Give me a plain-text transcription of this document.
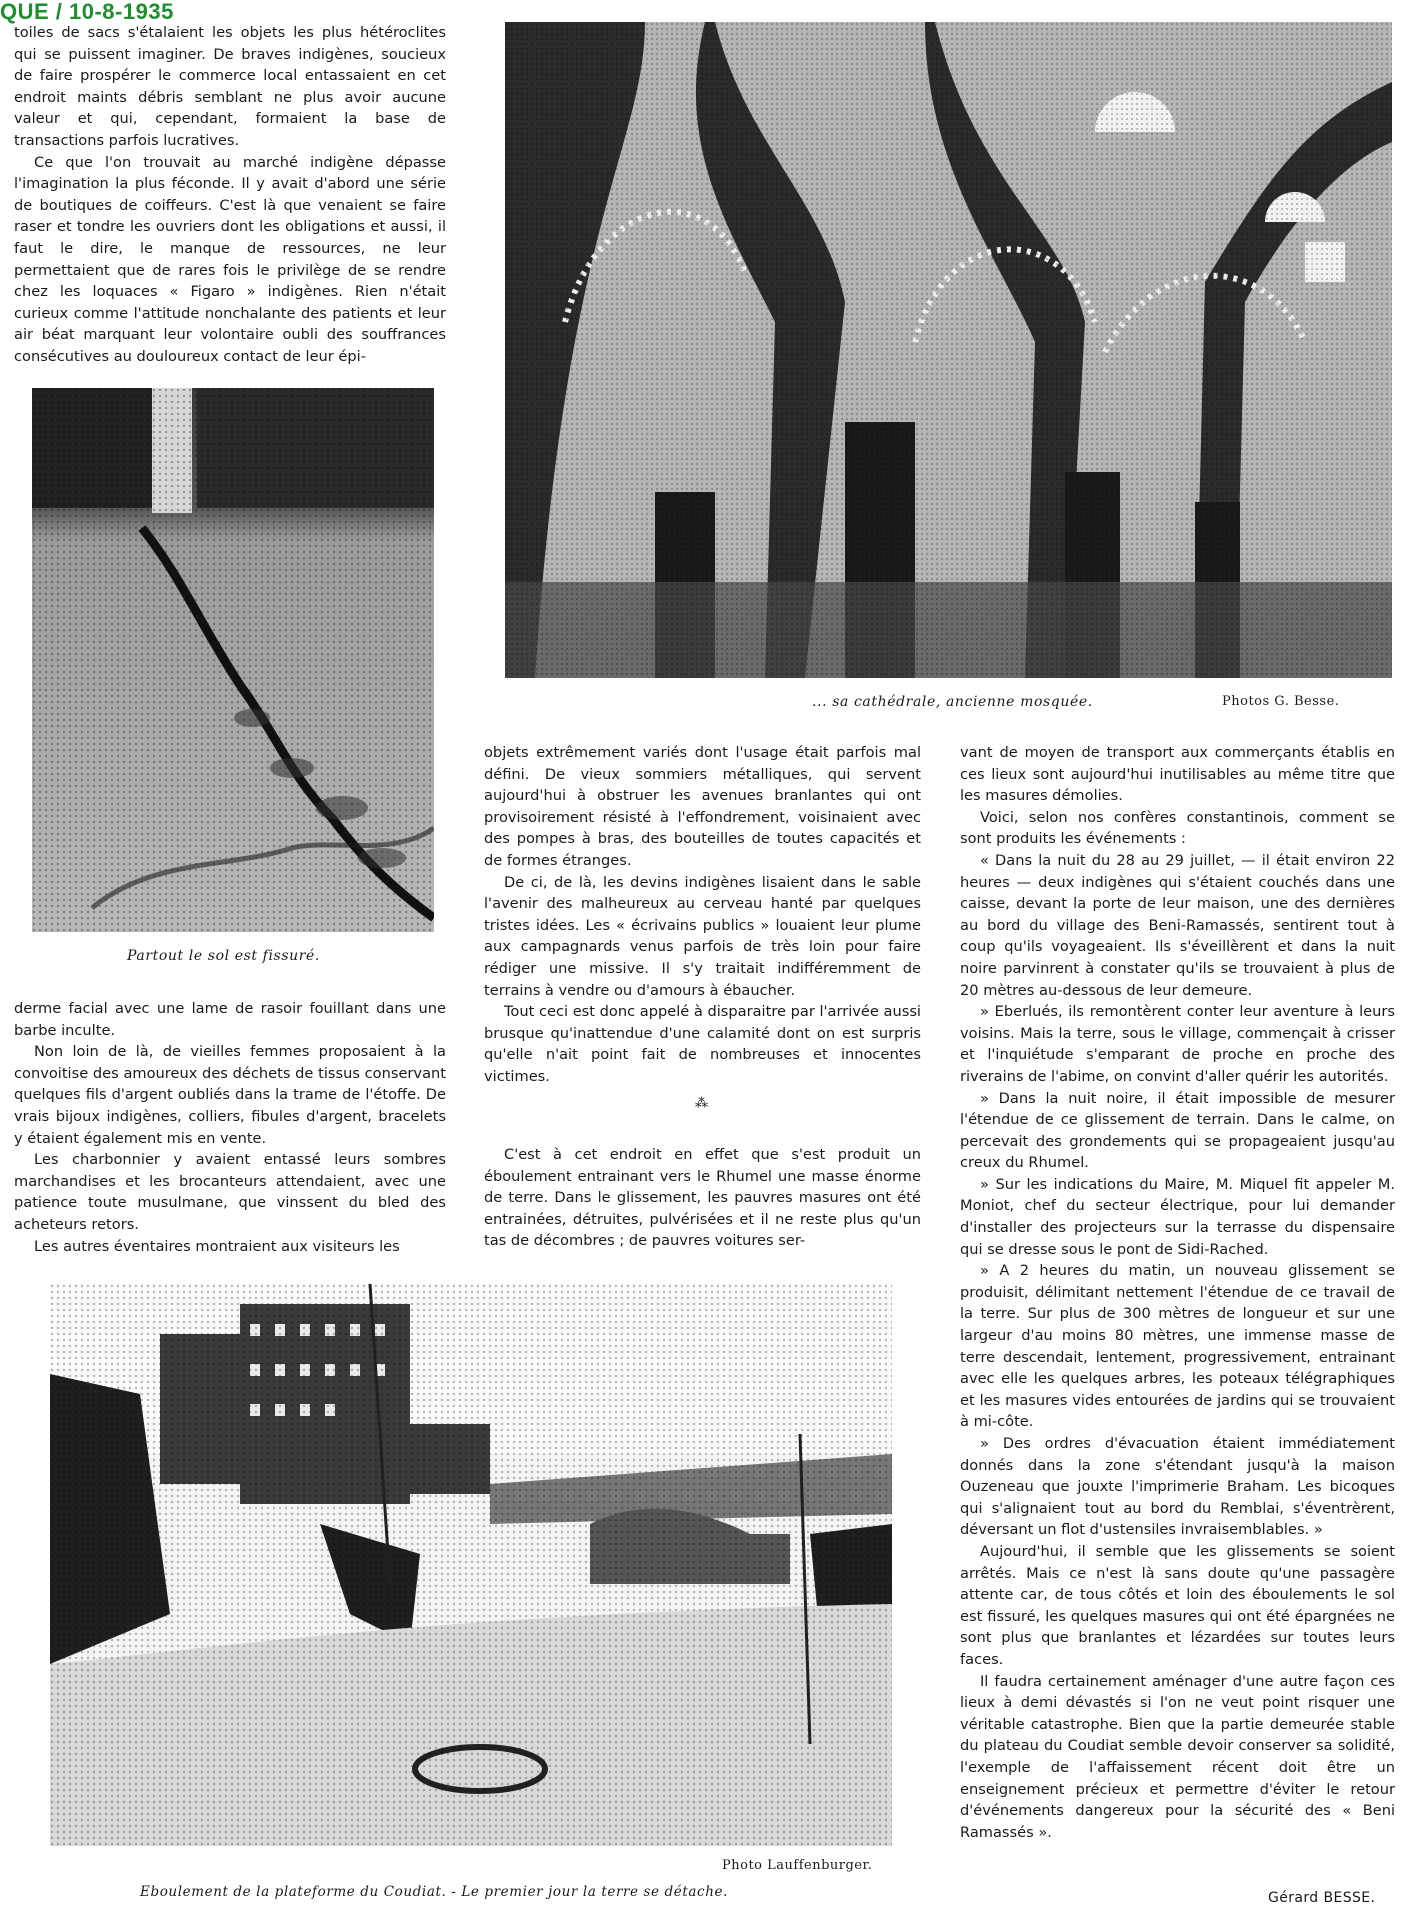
QUE / 10-8-1935

toiles de sacs s'étalaient les objets les plus hétéroclites qui se puissent imaginer. De braves indigènes, soucieux de faire prospérer le commerce local entassaient en cet endroit maints débris semblant ne plus avoir aucune valeur et qui, cependant, formaient la base de transactions parfois lucratives.

Ce que l'on trouvait au marché indigène dépasse l'imagination la plus féconde. Il y avait d'abord une série de boutiques de coiffeurs. C'est là que venaient se faire raser et tondre les ouvriers dont les obligations et aussi, il faut le dire, le manque de ressources, ne leur permettaient que de rares fois le privilège de se rendre chez les loquaces « Figaro » indigènes. Rien n'était curieux comme l'attitude nonchalante des patients et leur air béat marquant leur volontaire oubli des souffrances consécutives au douloureux contact de leur épi-

Partout le sol est fissuré.

derme facial avec une lame de rasoir fouillant dans une barbe inculte.

Non loin de là, de vieilles femmes proposaient à la convoitise des amoureux des déchets de tissus conservant quelques fils d'argent oubliés dans la trame de l'étoffe. De vrais bijoux indigènes, colliers, fibules d'argent, bracelets y étaient également mis en vente.

Les charbonnier y avaient entassé leurs sombres marchandises et les brocanteurs attendaient, avec une patience toute musulmane, que vinssent du bled des acheteurs retors.

Les autres éventaires montraient aux visiteurs les

... sa cathédrale, ancienne mosquée.	Photos G. Besse.

objets extrêmement variés dont l'usage était parfois mal défini. De vieux sommiers métalliques, qui servent aujourd'hui à obstruer les avenues branlantes qui ont provisoirement résisté à l'effondrement, voisinaient avec des pompes à bras, des bouteilles de toutes capacités et de formes étranges.

De ci, de là, les devins indigènes lisaient dans le sable l'avenir des malheureux au cerveau hanté par quelques tristes idées. Les « écrivains publics » louaient leur plume aux campagnards venus parfois de très loin pour faire rédiger une missive. Il s'y traitait indifféremment de terrains à vendre ou d'amours à ébaucher.

Tout ceci est donc appelé à disparaitre par l'arrivée aussi brusque qu'inattendue d'une calamité dont on est surpris qu'elle n'ait point fait de nombreuses et innocentes victimes.

⁂

C'est à cet endroit en effet que s'est produit un éboulement entrainant vers le Rhumel une masse énorme de terre. Dans le glissement, les pauvres masures ont été entrainées, détruites, pulvérisées et il ne reste plus qu'un tas de décombres ; de pauvres voitures ser-

vant de moyen de transport aux commerçants établis en ces lieux sont aujourd'hui inutilisables au même titre que les masures démolies.

Voici, selon nos confères constantinois, comment se sont produits les événements :

« Dans la nuit du 28 au 29 juillet, — il était environ 22 heures — deux indigènes qui s'étaient couchés dans une caisse, devant la porte de leur maison, une des dernières au bord du village des Beni-Ramassés, sentirent tout à coup qu'ils voyageaient. Ils s'éveillèrent et dans la nuit noire parvinrent à constater qu'ils se trouvaient à plus de 20 mètres au-dessous de leur demeure.

» Eberlués, ils remontèrent conter leur aventure à leurs voisins. Mais la terre, sous le village, commençait à crisser et l'inquiétude s'emparant de proche en proche des riverains de l'abime, on convint d'aller quérir les autorités.

» Dans la nuit noire, il était impossible de mesurer l'étendue de ce glissement de terrain. Dans le calme, on percevait des grondements qui se propageaient jusqu'au creux du Rhumel.

» Sur les indications du Maire, M. Miquel fit appeler M. Moniot, chef du secteur électrique, pour lui demander d'installer des projecteurs sur la terrasse du dispensaire qui se dresse sous le pont de Sidi-Rached.

» A 2 heures du matin, un nouveau glissement se produisit, délimitant nettement l'étendue de ce travail de la terre. Sur plus de 300 mètres de longueur et sur une largeur d'au moins 80 mètres, une immense masse de terre descendait, lentement, progressivement, entrainant avec elle les quelques arbres, les poteaux télégraphiques et les masures vides entourées de jardins qui se trouvaient à mi-côte.

» Des ordres d'évacuation étaient immédiatement donnés dans la zone s'étendant jusqu'à la maison Ouzeneau que jouxte l'imprimerie Braham. Les bicoques qui s'alignaient tout au bord du Remblai, s'éventrèrent, déversant un flot d'ustensiles invraisemblables. »

Aujourd'hui, il semble que les glissements se soient arrêtés. Mais ce n'est là sans doute qu'une passagère attente car, de tous côtés et loin des éboulements le sol est fissuré, les quelques masures qui ont été épargnées ne sont plus que branlantes et lézardées sur toutes leurs faces.

Il faudra certainement aménager d'une autre façon ces lieux à demi dévastés si l'on ne veut point risquer une véritable catastrophe. Bien que la partie demeurée stable du plateau du Coudiat semble devoir conserver sa solidité, l'exemple de l'affaissement récent doit être un enseignement précieux et permettre d'éviter le retour d'événements dangereux pour la sécurité des « Beni Ramassés ».

Gérard BESSE.
Photo Lauffenburger.
Eboulement de la plateforme du Coudiat. - Le premier jour la terre se détache.
